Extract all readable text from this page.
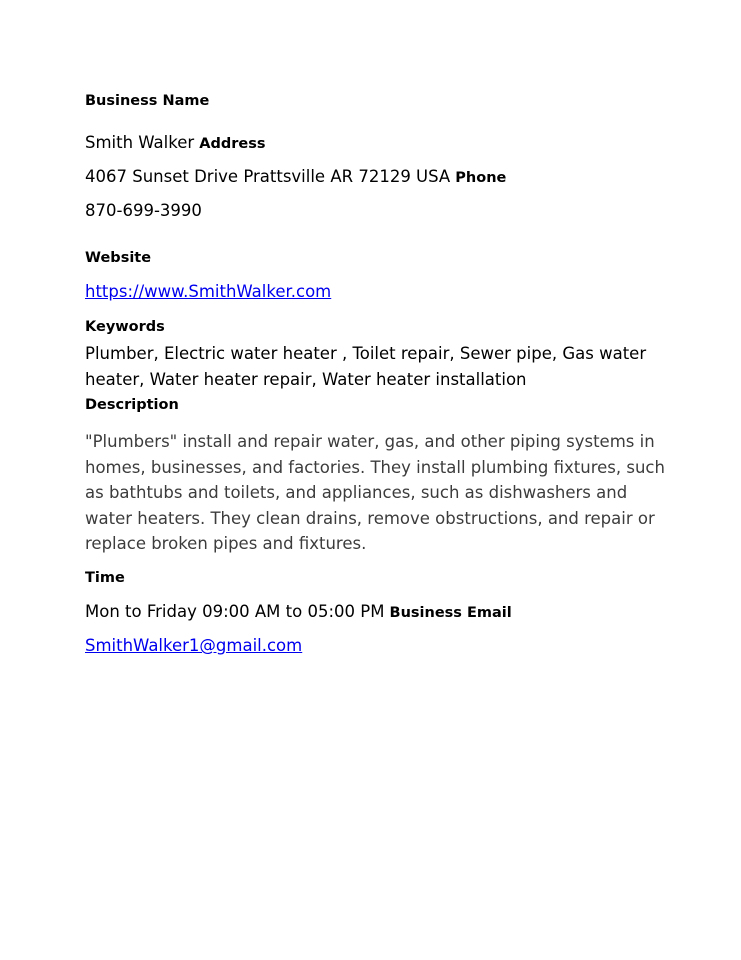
Business Name
Smith Walker Address
4067 Sunset Drive Prattsville AR 72129 USA Phone
870-699-3990
Website
https://www.SmithWalker.com
Keywords
Plumber, Electric water heater , Toilet repair, Sewer pipe, Gas water heater, Water heater repair, Water heater installation
Description
"Plumbers" install and repair water, gas, and other piping systems in homes, businesses, and factories. They install plumbing fixtures, such as bathtubs and toilets, and appliances, such as dishwashers and water heaters. They clean drains, remove obstructions, and repair or replace broken pipes and fixtures.
Time
Mon to Friday 09:00 AM to 05:00 PM Business Email
SmithWalker1@gmail.com
